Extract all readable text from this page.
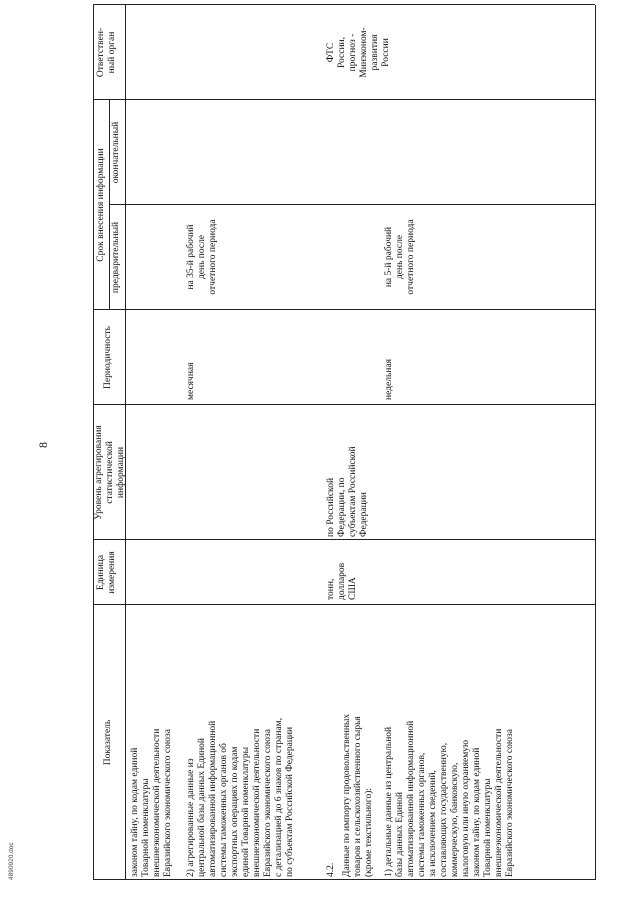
8
Показатель
Единица
измерения
Уровень агрегирования
статистической
информации
Периодичность
Срок внесения информации предварительный
окончательный
Ответствен-
ный орган
законом тайну, по кодам единой
Товарной номенклатуры
внешнеэкономической деятельности
Евразийского экономического союза
2) агрегированные данные из
центральной базы данных Единой
автоматизированной информационной
системы таможенных органов об
экспортных операциях по кодам
единой Товарной номенклатуры
внешнеэкономической деятельности
Евразийского экономического союза
с детализацией до 6 знаков по странам,
по субъектам Российской Федерации
месячная
на 35-й рабочий
день после
отчетного периода
4.2. Данные по импорту продовольственных
товаров и сельскохозяйственного сырья
(кроме текстильного):
тонн,
долларов
США
по Российской
Федерации, по
субъектам Российской
Федерации
ФТС
России,
прогноз -
Минэконом-
развития
России
1) детальные данные из центральной
базы данных Единой
автоматизированной информационной
системы таможенных органов,
за исключением сведений,
составляющих государственную,
коммерческую, банковскую,
налоговую или иную охраняемую
законом тайну, по кодам единой
Товарной номенклатуры
внешнеэкономической деятельности
Евразийского экономического союза
недельная
на 5-й рабочий
день после
отчетного периода
4890920.doc
